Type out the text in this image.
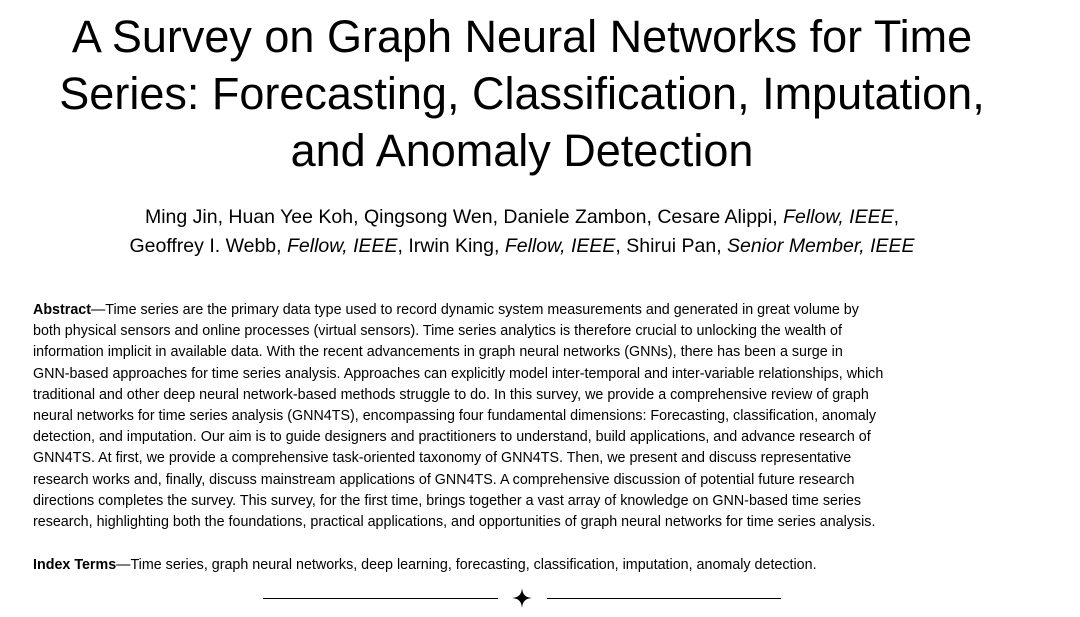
A Survey on Graph Neural Networks for Time
Series: Forecasting, Classification, Imputation,
and Anomaly Detection
Ming Jin, Huan Yee Koh, Qingsong Wen, Daniele Zambon, Cesare Alippi, Fellow, IEEE,
Geoffrey I. Webb, Fellow, IEEE, Irwin King, Fellow, IEEE, Shirui Pan, Senior Member, IEEE
Abstract—Time series are the primary data type used to record dynamic system measurements and generated in great volume by
both physical sensors and online processes (virtual sensors). Time series analytics is therefore crucial to unlocking the wealth of
information implicit in available data. With the recent advancements in graph neural networks (GNNs), there has been a surge in
GNN-based approaches for time series analysis. Approaches can explicitly model inter-temporal and inter-variable relationships, which
traditional and other deep neural network-based methods struggle to do. In this survey, we provide a comprehensive review of graph
neural networks for time series analysis (GNN4TS), encompassing four fundamental dimensions: Forecasting, classification, anomaly
detection, and imputation. Our aim is to guide designers and practitioners to understand, build applications, and advance research of
GNN4TS. At first, we provide a comprehensive task-oriented taxonomy of GNN4TS. Then, we present and discuss representative
research works and, finally, discuss mainstream applications of GNN4TS. A comprehensive discussion of potential future research
directions completes the survey. This survey, for the first time, brings together a vast array of knowledge on GNN-based time series
research, highlighting both the foundations, practical applications, and opportunities of graph neural networks for time series analysis.
Index Terms—Time series, graph neural networks, deep learning, forecasting, classification, imputation, anomaly detection.
